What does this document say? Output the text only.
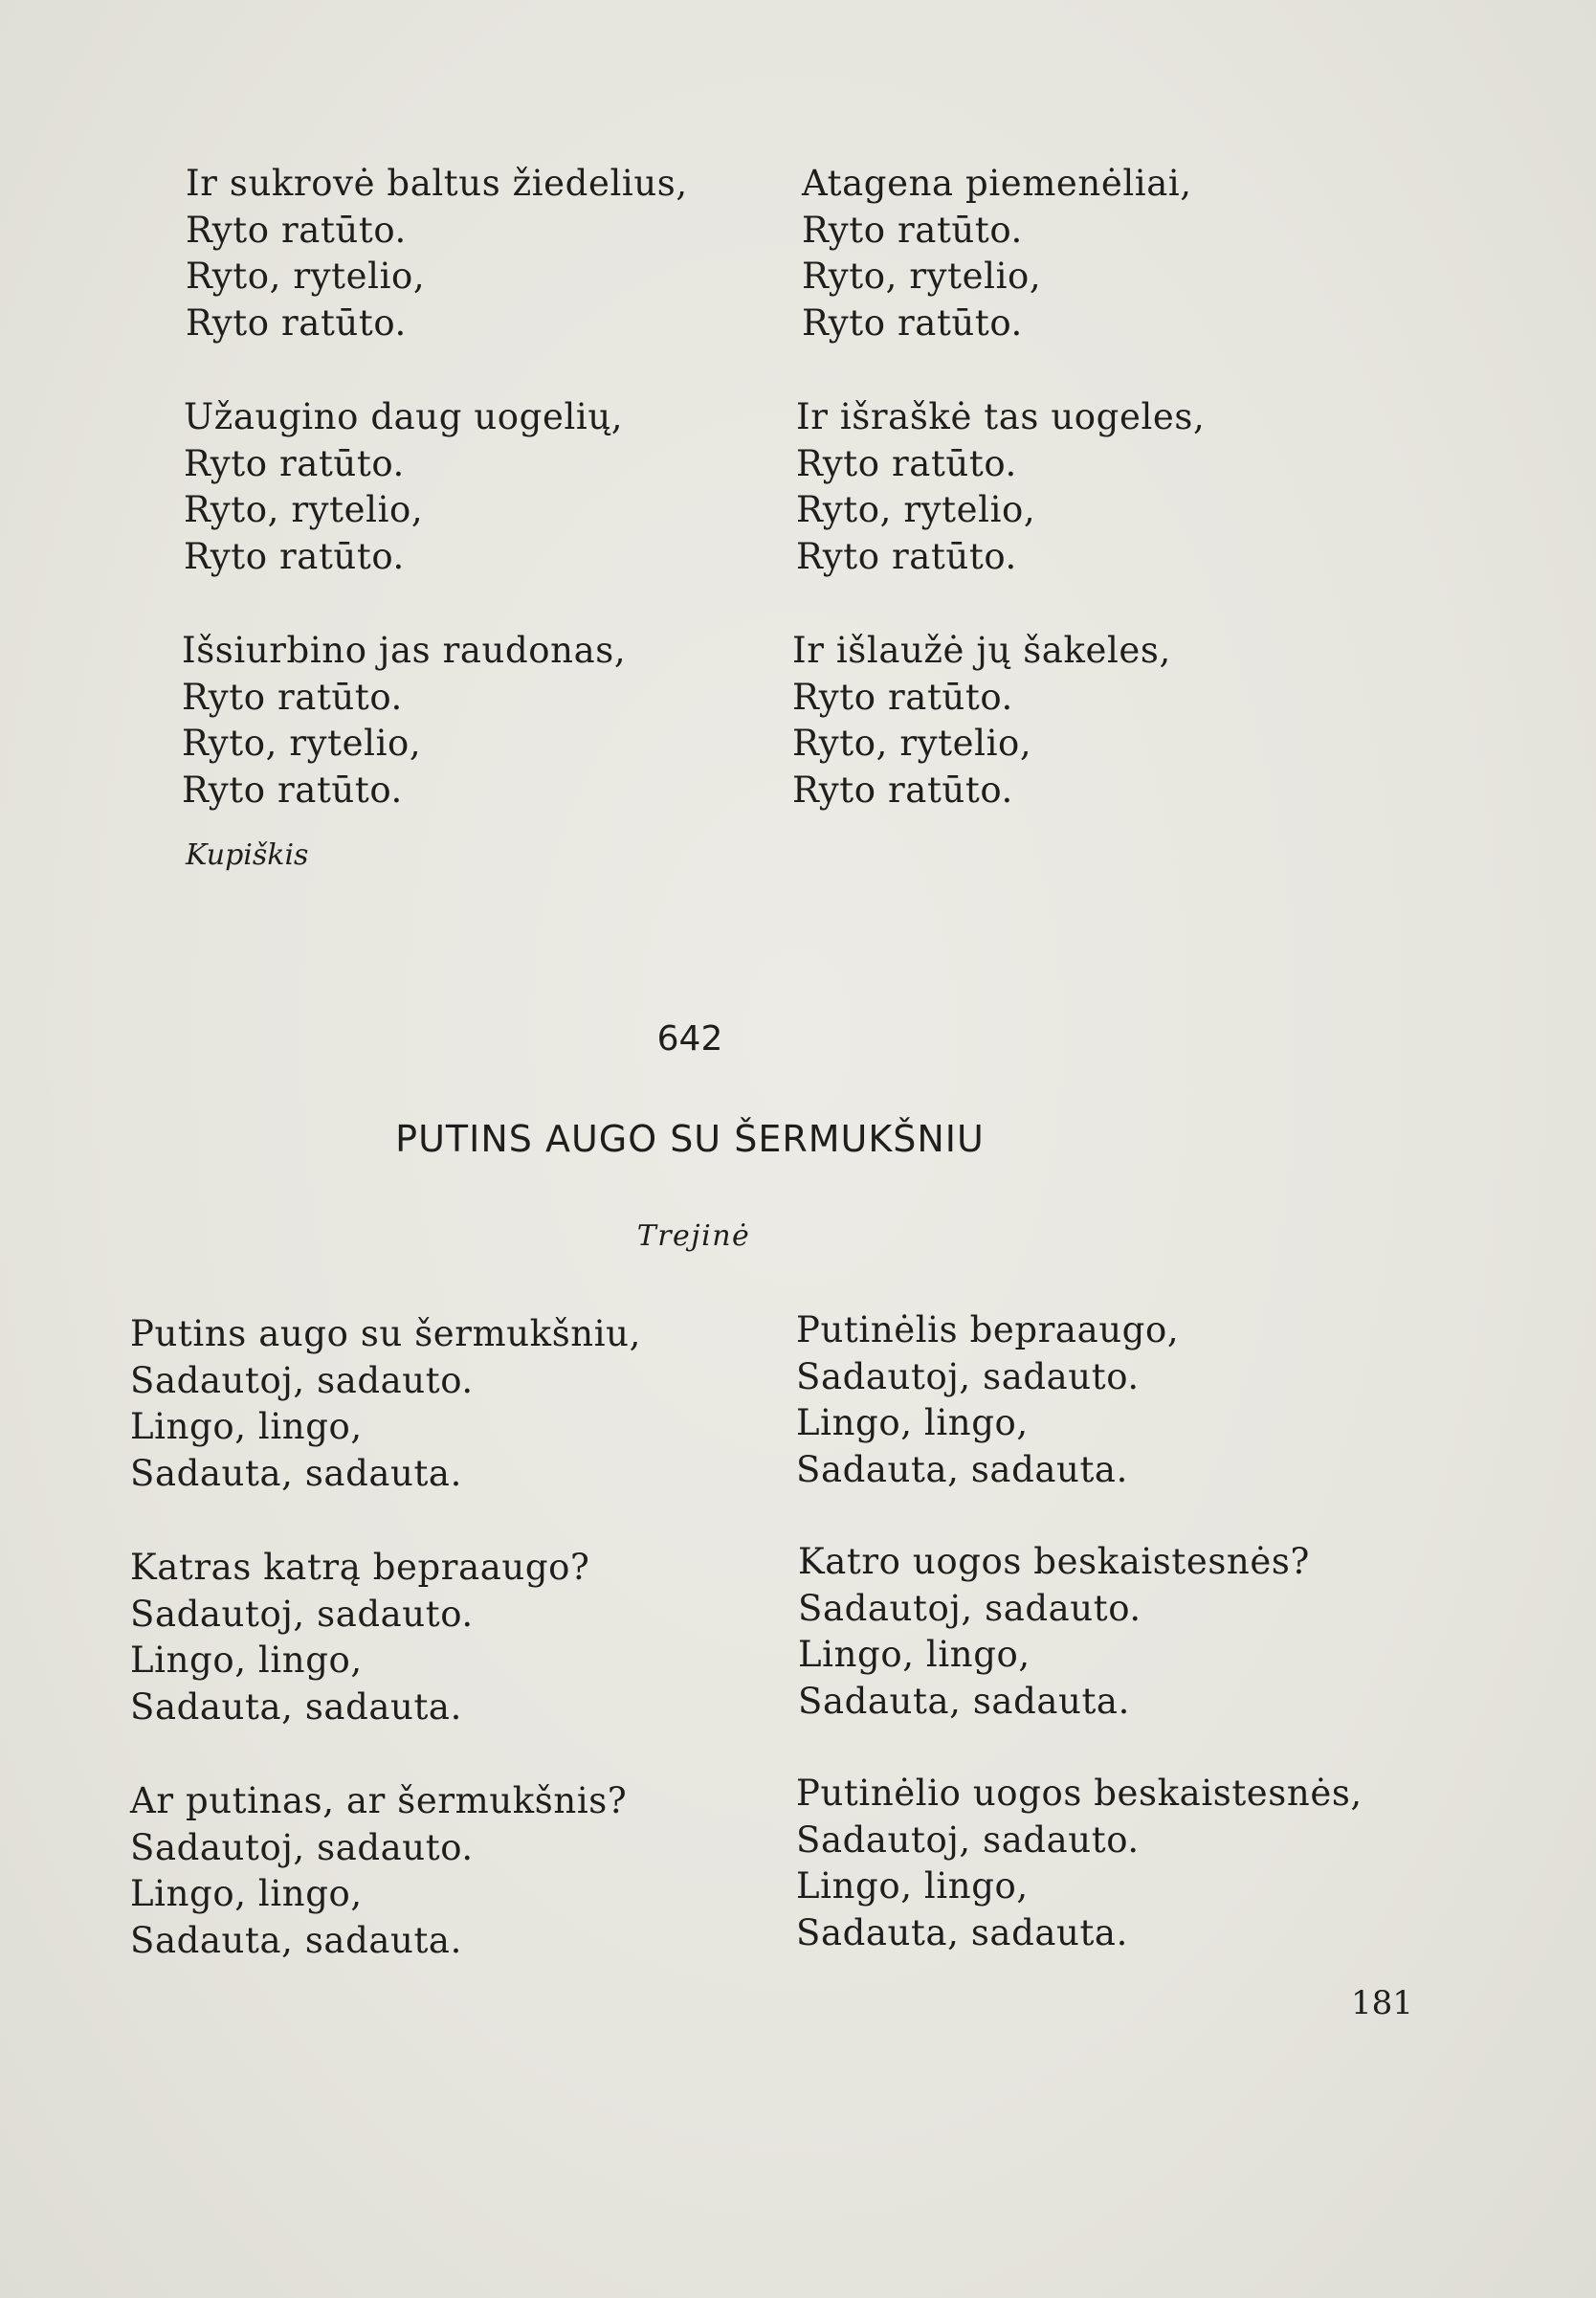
Ir sukrovė baltus žiedelius,
Ryto ratūto.
Ryto, rytelio,
Ryto ratūto.
Užaugino daug uogelių,
Ryto ratūto.
Ryto, rytelio,
Ryto ratūto.
Išsiurbino jas raudonas,
Ryto ratūto.
Ryto, rytelio,
Ryto ratūto.
Atagena piemenėliai,
Ryto ratūto.
Ryto, rytelio,
Ryto ratūto.
Ir išraškė tas uogeles,
Ryto ratūto.
Ryto, rytelio,
Ryto ratūto.
Ir išlaužė jų šakeles,
Ryto ratūto.
Ryto, rytelio,
Ryto ratūto.
Kupiškis
642
PUTINS AUGO SU ŠERMUKŠNIU
Trejinė
Putins augo su šermukšniu,
Sadautoj, sadauto.
Lingo, lingo,
Sadauta, sadauta.
Katras katrą bepraaugo?
Sadautoj, sadauto.
Lingo, lingo,
Sadauta, sadauta.
Ar putinas, ar šermukšnis?
Sadautoj, sadauto.
Lingo, lingo,
Sadauta, sadauta.
Putinėlis bepraaugo,
Sadautoj, sadauto.
Lingo, lingo,
Sadauta, sadauta.
Katro uogos beskaistesnės?
Sadautoj, sadauto.
Lingo, lingo,
Sadauta, sadauta.
Putinėlio uogos beskaistesnės,
Sadautoj, sadauto.
Lingo, lingo,
Sadauta, sadauta.
181
